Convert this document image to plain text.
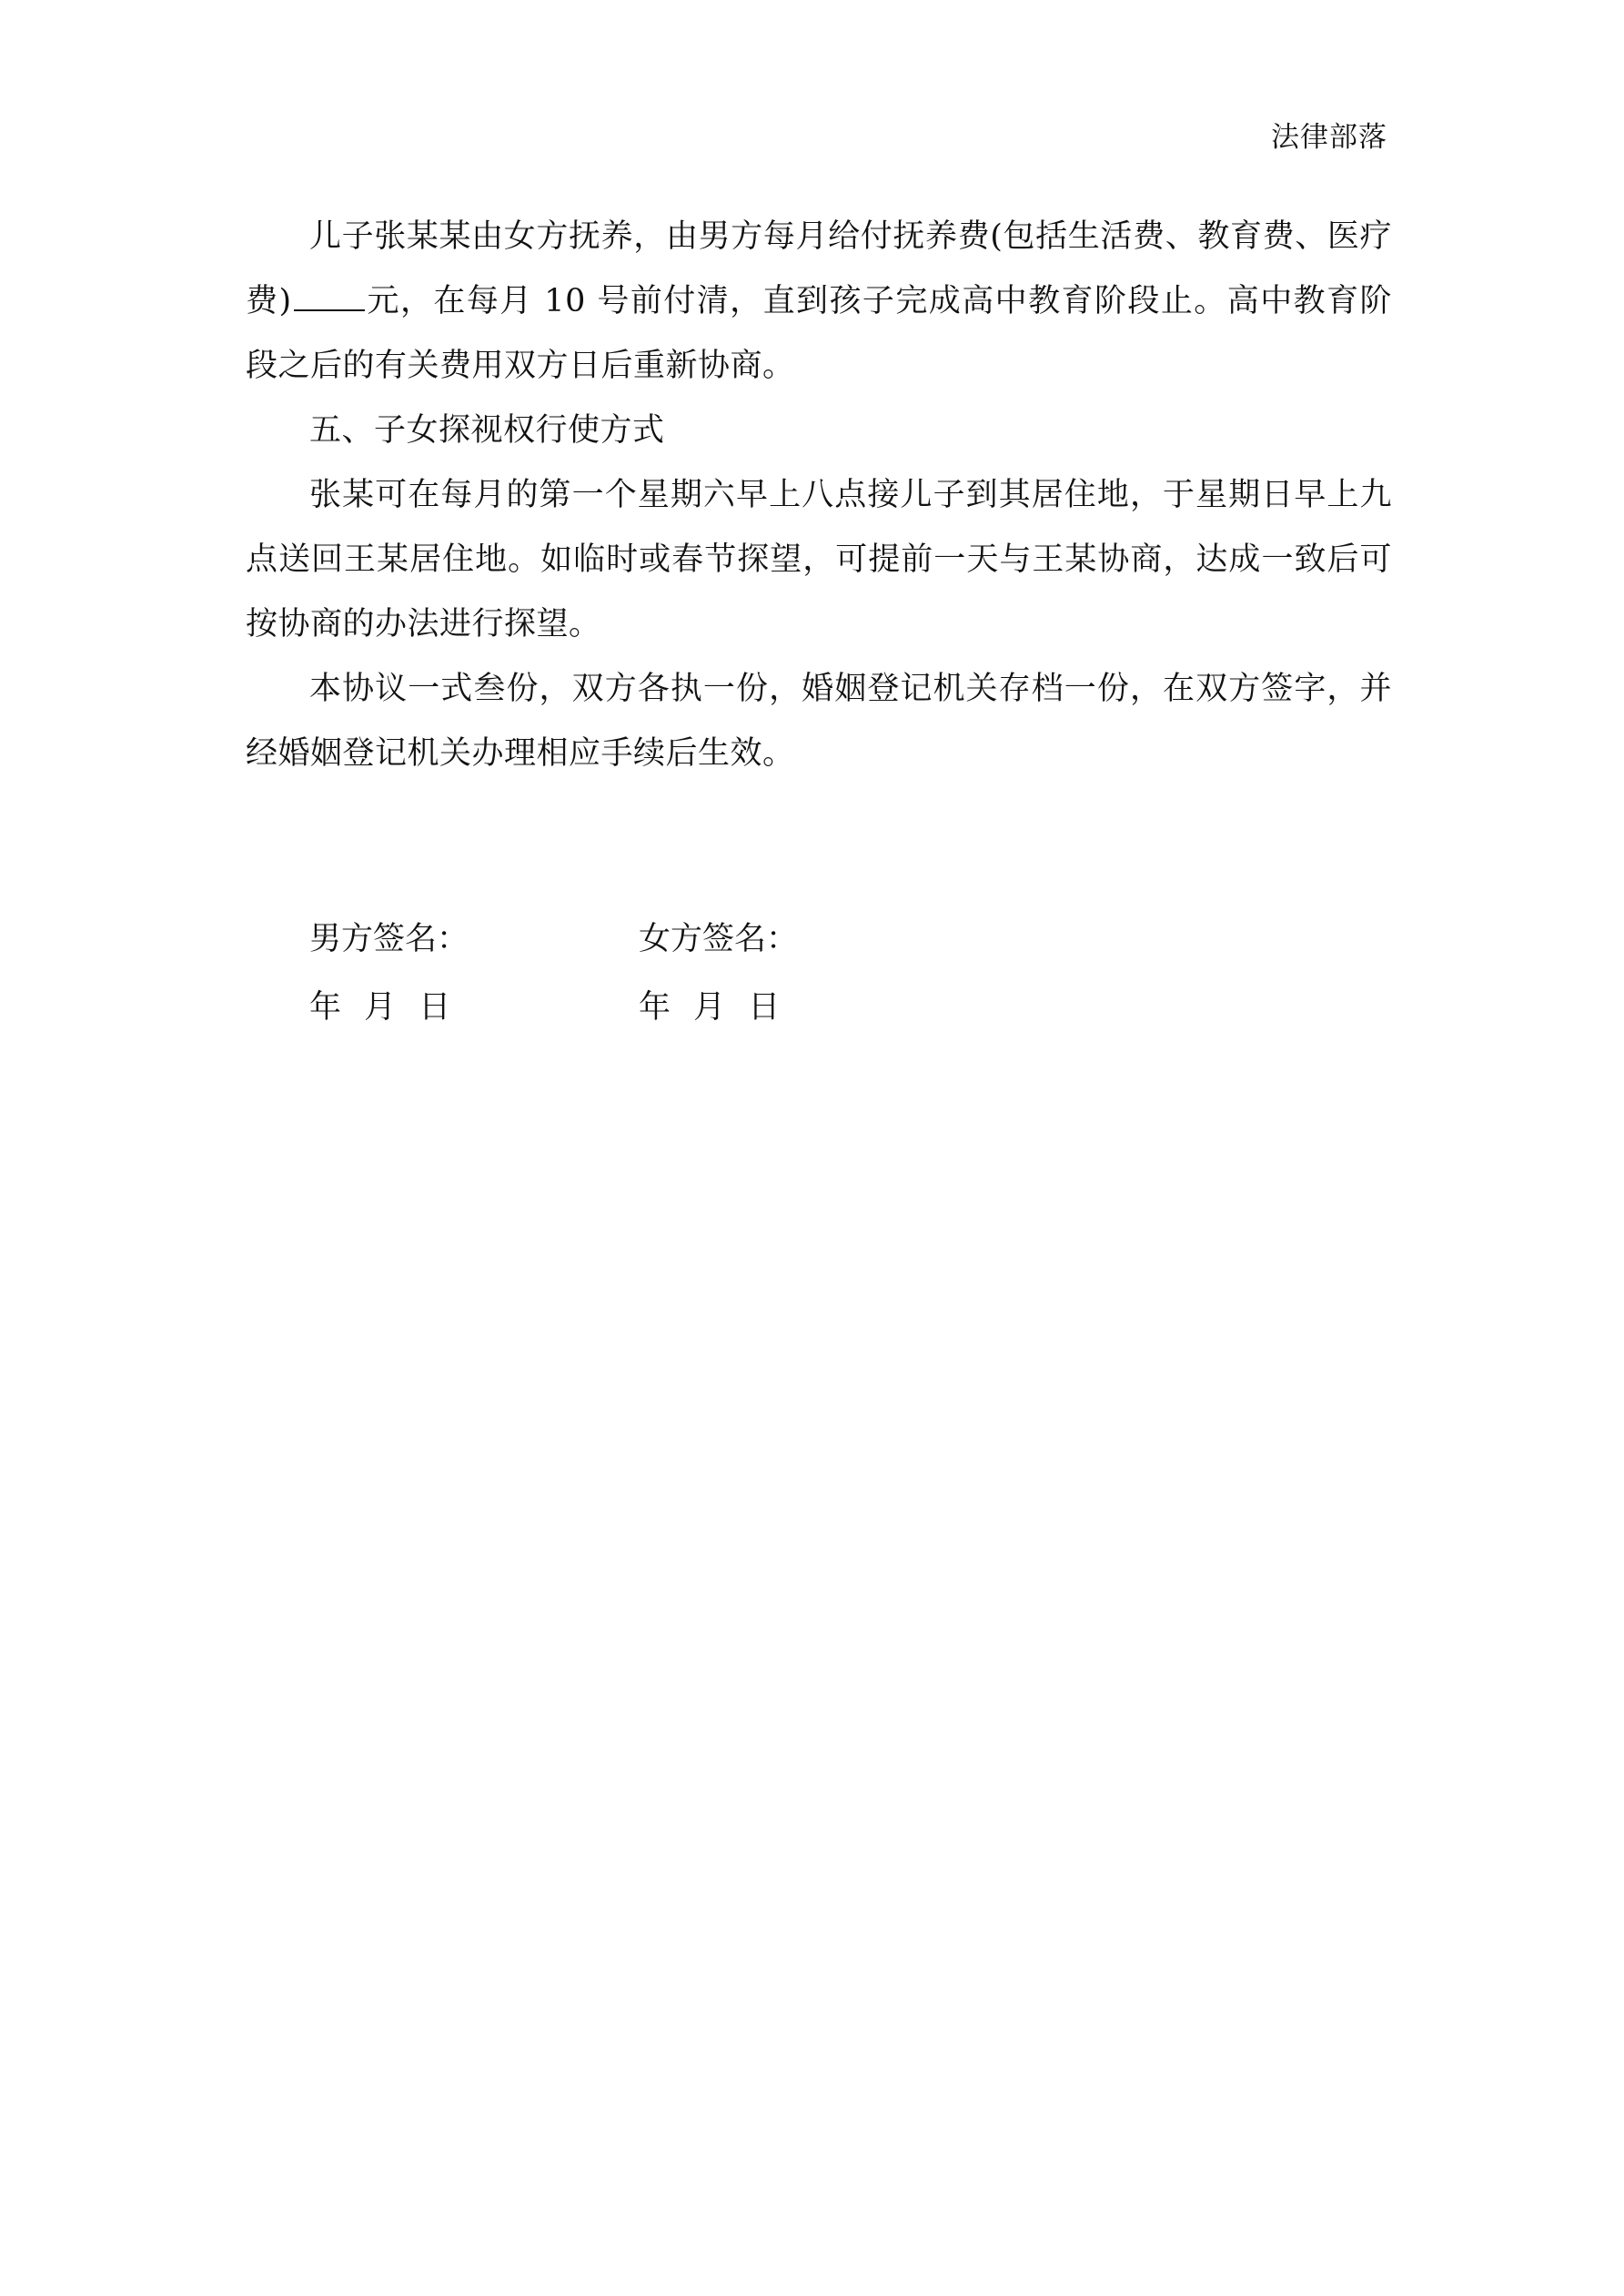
法律部落

儿子张某某由女方抚养，由男方每月给付抚养费(包括生活费、教育费、医疗费) 元，在每月 10 号前付清，直到孩子完成高中教育阶段止。高中教育阶段之后的有关费用双方日后重新协商。

五、子女探视权行使方式

张某可在每月的第一个星期六早上八点接儿子到其居住地，于星期日早上九点送回王某居住地。如临时或春节探望，可提前一天与王某协商，达成一致后可按协商的办法进行探望。

本协议一式叁份，双方各执一份，婚姻登记机关存档一份，在双方签字，并经婚姻登记机关办理相应手续后生效。

男方签名：	女方签名：
年 月 日	年 月 日
